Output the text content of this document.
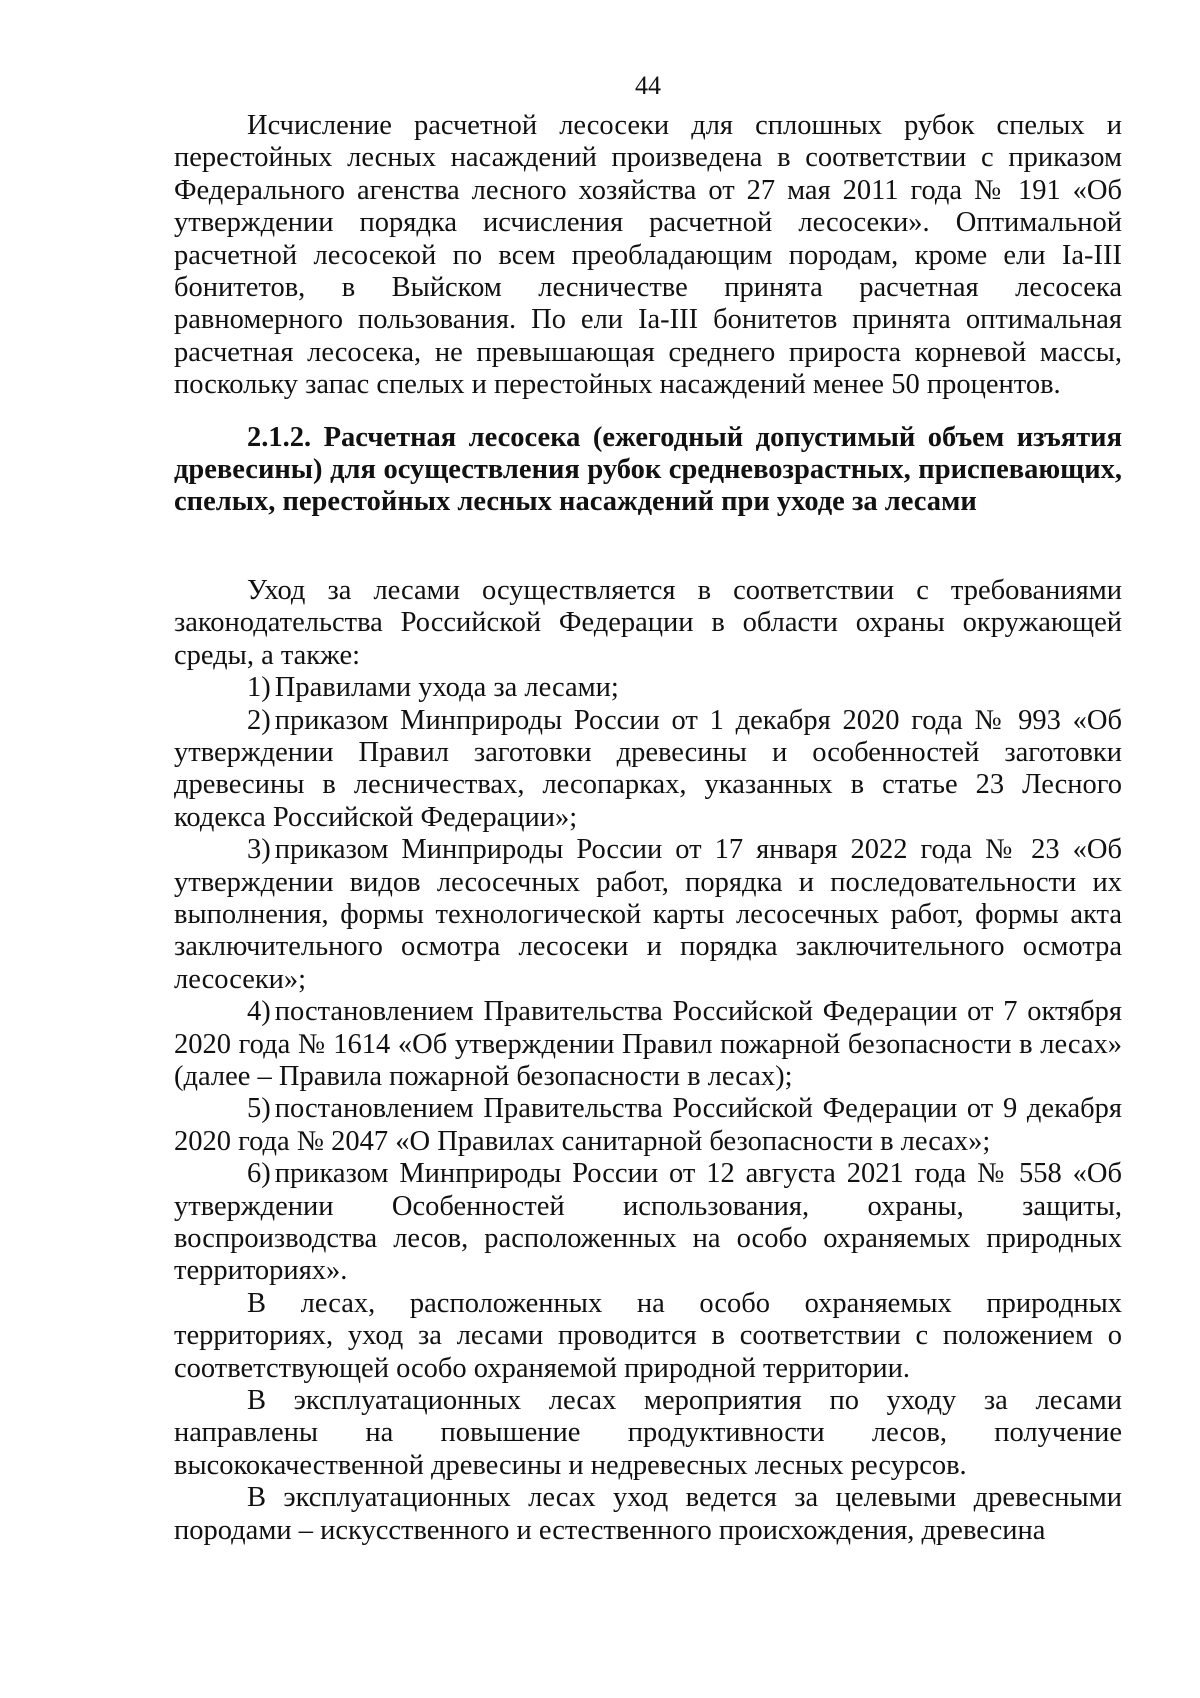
44

Исчисление расчетной лесосеки для сплошных рубок спелых и перестойных лесных насаждений произведена в соответствии с приказом Федерального агенства лесного хозяйства от 27 мая 2011 года № 191 «Об утверждении порядка исчисления расчетной лесосеки». Оптимальной расчетной лесосекой по всем преобладающим породам, кроме ели Ia-III бонитетов, в Выйском лесничестве принята расчетная лесосека равномерного пользования. По ели Ia-III бонитетов принята оптимальная расчетная лесосека, не превышающая среднего прироста корневой массы, поскольку запас спелых и перестойных насаждений менее 50 процентов.

2.1.2. Расчетная лесосека (ежегодный допустимый объем изъятия древесины) для осуществления рубок средневозрастных, приспевающих, спелых, перестойных лесных насаждений при уходе за лесами

Уход за лесами осуществляется в соответствии с требованиями законодательства Российской Федерации в области охраны окружающей среды, а также:

1) Правилами ухода за лесами;

2) приказом Минприроды России от 1 декабря 2020 года № 993 «Об утверждении Правил заготовки древесины и особенностей заготовки древесины в лесничествах, лесопарках, указанных в статье 23 Лесного кодекса Российской Федерации»;

3) приказом Минприроды России от 17 января 2022 года № 23 «Об утверждении видов лесосечных работ, порядка и последовательности их выполнения, формы технологической карты лесосечных работ, формы акта заключительного осмотра лесосеки и порядка заключительного осмотра лесосеки»;

4) постановлением Правительства Российской Федерации от 7 октября 2020 года № 1614 «Об утверждении Правил пожарной безопасности в лесах» (далее – Правила пожарной безопасности в лесах);

5) постановлением Правительства Российской Федерации от 9 декабря 2020 года № 2047 «О Правилах санитарной безопасности в лесах»;

6) приказом Минприроды России от 12 августа 2021 года № 558 «Об утверждении Особенностей использования, охраны, защиты, воспроизводства лесов, расположенных на особо охраняемых природных территориях».

В лесах, расположенных на особо охраняемых природных территориях, уход за лесами проводится в соответствии с положением о соответствующей особо охраняемой природной территории.

В эксплуатационных лесах мероприятия по уходу за лесами направлены на повышение продуктивности лесов, получение высококачественной древесины и недревесных лесных ресурсов.

В эксплуатационных лесах уход ведется за целевыми древесными породами – искусственного и естественного происхождения, древесина
